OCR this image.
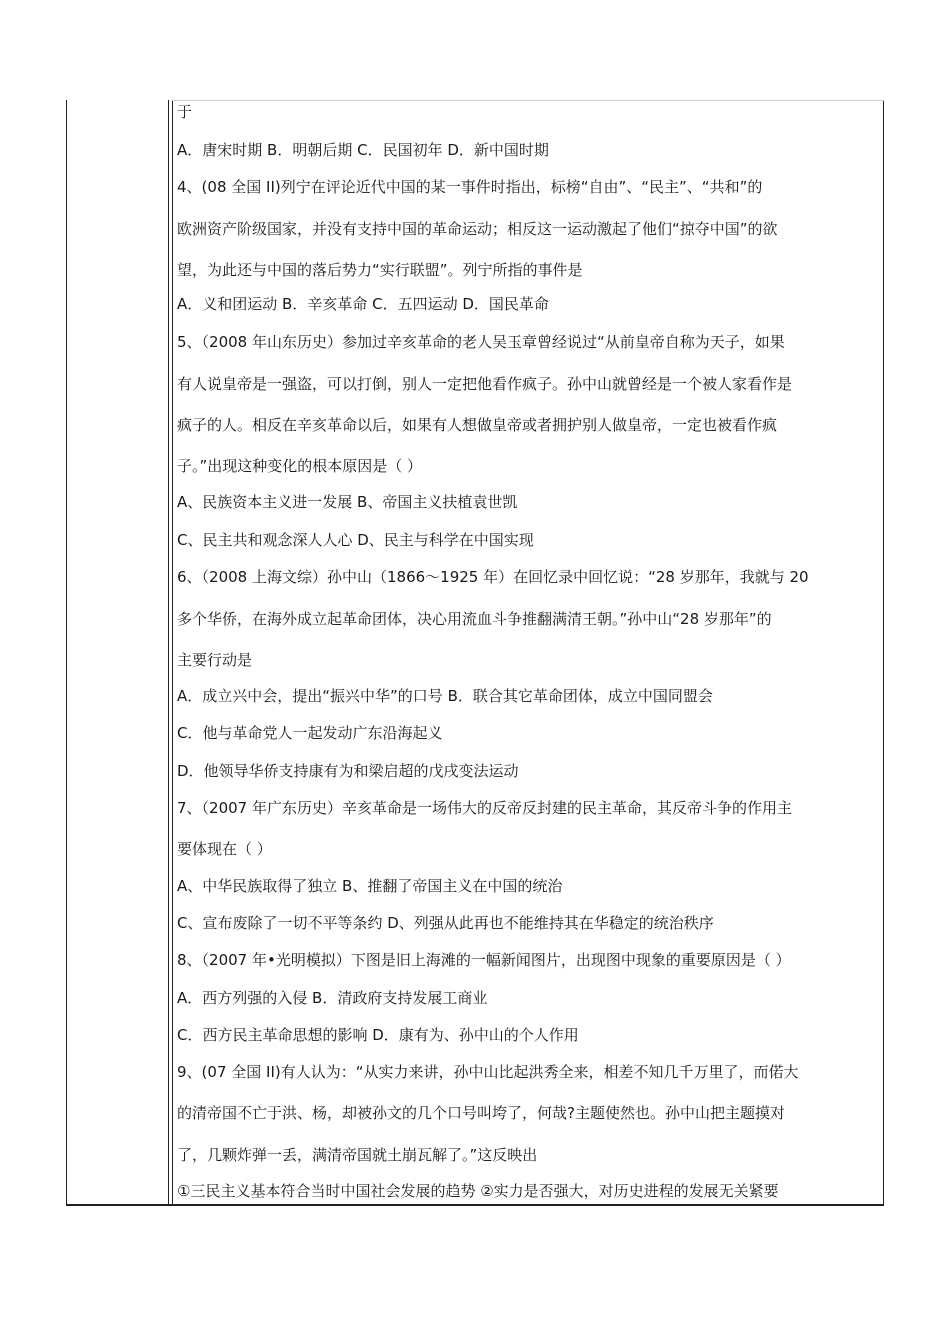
于
A．唐宋时期 B．明朝后期 C．民国初年 D．新中国时期
4、(08 全国 II)列宁在评论近代中国的某一事件时指出，标榜“自由”、“民主”、“共和”的
欧洲资产阶级国家，并没有支持中国的革命运动；相反这一运动激起了他们“掠夺中国”的欲
望，为此还与中国的落后势力“实行联盟”。列宁所指的事件是
A．义和团运动 B．辛亥革命 C．五四运动 D．国民革命
5、（2008 年山东历史）参加过辛亥革命的老人吴玉章曾经说过“从前皇帝自称为天子，如果
有人说皇帝是一强盗，可以打倒，别人一定把他看作疯子。孙中山就曾经是一个被人家看作是
疯子的人。相反在辛亥革命以后，如果有人想做皇帝或者拥护别人做皇帝，一定也被看作疯
子。”出现这种变化的根本原因是（ ）
A、民族资本主义进一发展 B、帝国主义扶植袁世凯
C、民主共和观念深人人心 D、民主与科学在中国实现
6、（2008 上海文综）孙中山（1866～1925 年）在回忆录中回忆说：“28 岁那年，我就与 20
多个华侨，在海外成立起革命团体，决心用流血斗争推翻满清王朝。”孙中山“28 岁那年”的
主要行动是
A．成立兴中会，提出“振兴中华”的口号 B．联合其它革命团体，成立中国同盟会
C．他与革命党人一起发动广东沿海起义
D．他领导华侨支持康有为和梁启超的戊戌变法运动
7、（2007 年广东历史）辛亥革命是一场伟大的反帝反封建的民主革命，其反帝斗争的作用主
要体现在（ ）
A、中华民族取得了独立 B、推翻了帝国主义在中国的统治
C、宣布废除了一切不平等条约 D、列强从此再也不能维持其在华稳定的统治秩序
8、（2007 年•光明模拟）下图是旧上海滩的一幅新闻图片，出现图中现象的重要原因是（ ）
A．西方列强的入侵 B．清政府支持发展工商业
C．西方民主革命思想的影响 D．康有为、孙中山的个人作用
9、(07 全国 II)有人认为：“从实力来讲，孙中山比起洪秀全来，相差不知几千万里了，而偌大
的清帝国不亡于洪、杨，却被孙文的几个口号叫垮了，何哉?主题使然也。孙中山把主题摸对
了，几颗炸弹一丢，满清帝国就土崩瓦解了。”这反映出
①三民主义基本符合当时中国社会发展的趋势 ②实力是否强大，对历史进程的发展无关紧要
